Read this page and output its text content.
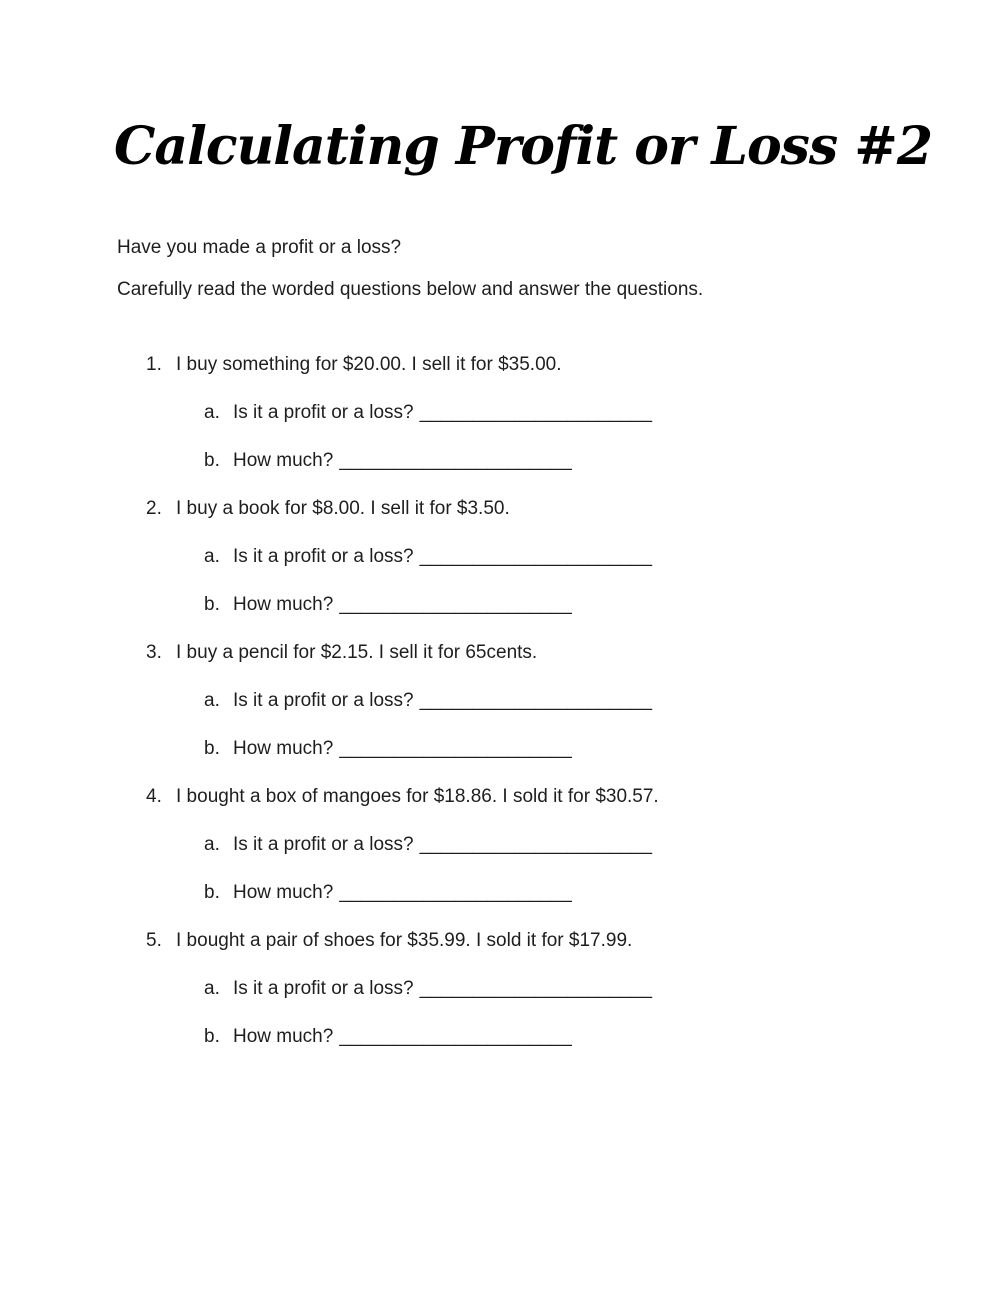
Calculating Profit or Loss #2

Have you made a profit or a loss?

Carefully read the worded questions below and answer the questions.

1. I buy something for $20.00. I sell it for $35.00.
a. Is it a profit or a loss? ______________________
b. How much? ______________________
2. I buy a book for $8.00. I sell it for $3.50.
a. Is it a profit or a loss? ______________________
b. How much? ______________________
3. I buy a pencil for $2.15. I sell it for 65cents.
a. Is it a profit or a loss? ______________________
b. How much? ______________________
4. I bought a box of mangoes for $18.86. I sold it for $30.57.
a. Is it a profit or a loss? ______________________
b. How much? ______________________
5. I bought a pair of shoes for $35.99. I sold it for $17.99.
a. Is it a profit or a loss? ______________________
b. How much? ______________________
